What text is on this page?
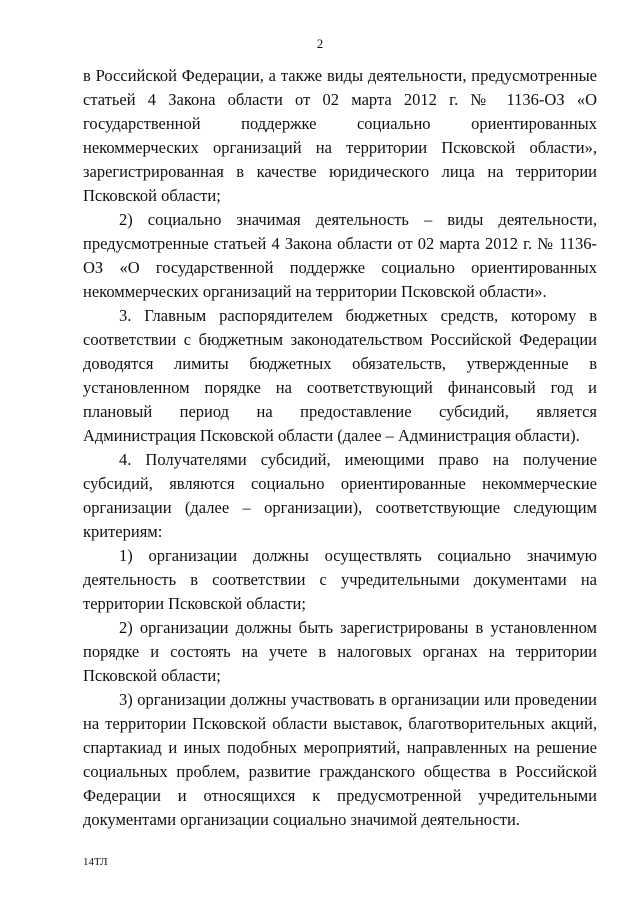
2

в Российской Федерации, а также виды деятельности, предусмотренные статьей 4 Закона области от 02 марта 2012 г. № 1136-ОЗ «О государственной поддержке социально ориентированных некоммерческих организаций на территории Псковской области», зарегистрированная в качестве юридического лица на территории Псковской области;

2) социально значимая деятельность – виды деятельности, предусмотренные статьей 4 Закона области от 02 марта 2012 г. № 1136-ОЗ «О государственной поддержке социально ориентированных некоммерческих организаций на территории Псковской области».

3. Главным распорядителем бюджетных средств, которому в соответствии с бюджетным законодательством Российской Федерации доводятся лимиты бюджетных обязательств, утвержденные в установленном порядке на соответствующий финансовый год и плановый период на предоставление субсидий, является Администрация Псковской области (далее – Администрация области).

4. Получателями субсидий, имеющими право на получение субсидий, являются социально ориентированные некоммерческие организации (далее – организации), соответствующие следующим критериям:

1) организации должны осуществлять социально значимую деятельность в соответствии с учредительными документами на территории Псковской области;

2) организации должны быть зарегистрированы в установленном порядке и состоять на учете в налоговых органах на территории Псковской области;

3) организации должны участвовать в организации или проведении на территории Псковской области выставок, благотворительных акций, спартакиад и иных подобных мероприятий, направленных на решение социальных проблем, развитие гражданского общества в Российской Федерации и относящихся к предусмотренной учредительными документами организации социально значимой деятельности.

14ТЛ
